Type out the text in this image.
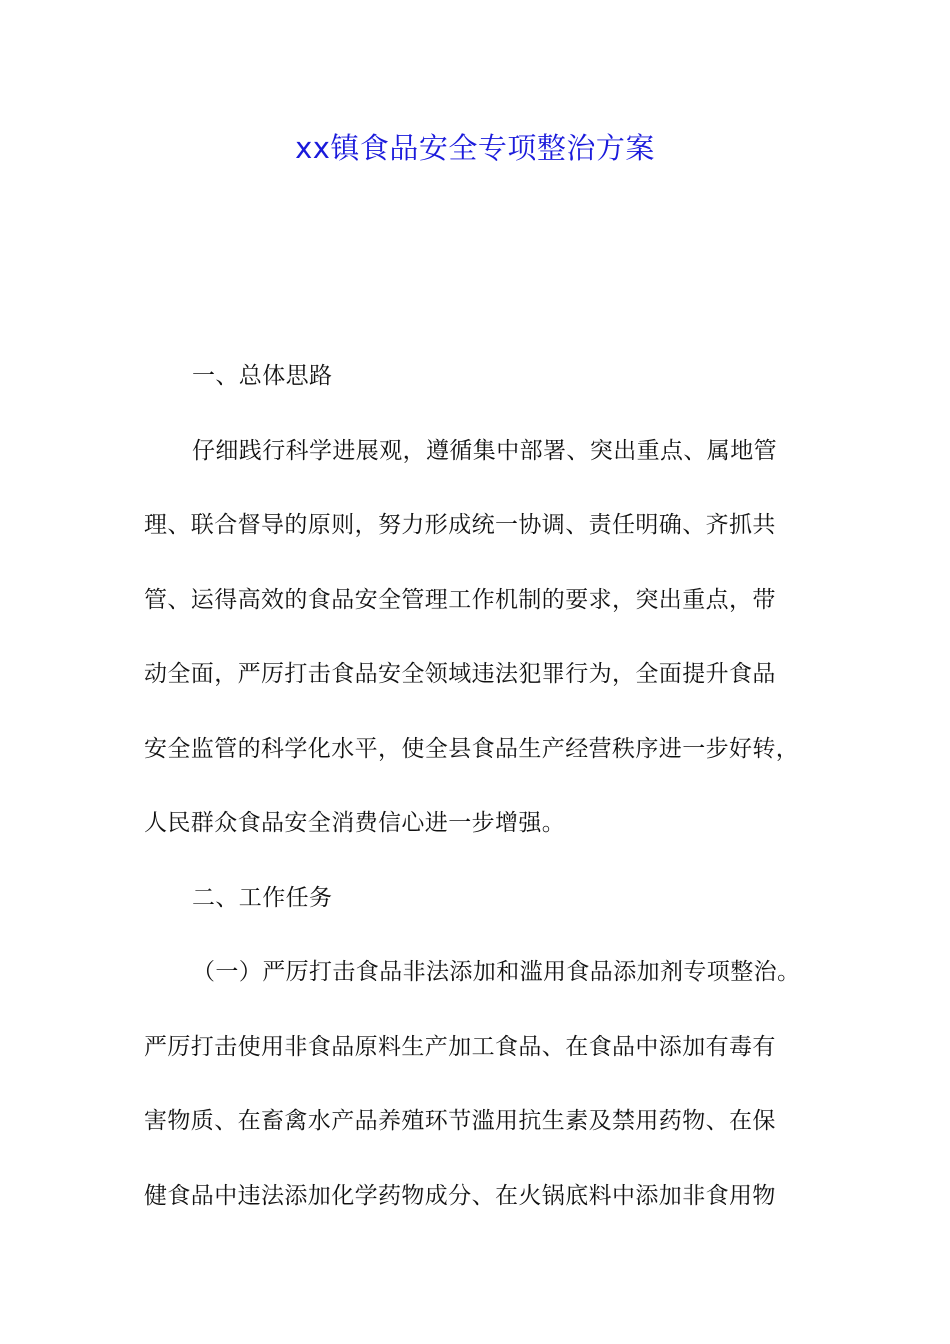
xx镇食品安全专项整治方案
一、总体思路
仔细践行科学进展观，遵循集中部署、突出重点、属地管
理、联合督导的原则，努力形成统一协调、责任明确、齐抓共
管、运得高效的食品安全管理工作机制的要求，突出重点，带
动全面，严厉打击食品安全领域违法犯罪行为，全面提升食品
安全监管的科学化水平，使全县食品生产经营秩序进一步好转，
人民群众食品安全消费信心进一步增强。
二、工作任务
（一）严厉打击食品非法添加和滥用食品添加剂专项整治。
严厉打击使用非食品原料生产加工食品、在食品中添加有毒有
害物质、在畜禽水产品养殖环节滥用抗生素及禁用药物、在保
健食品中违法添加化学药物成分、在火锅底料中添加非食用物
